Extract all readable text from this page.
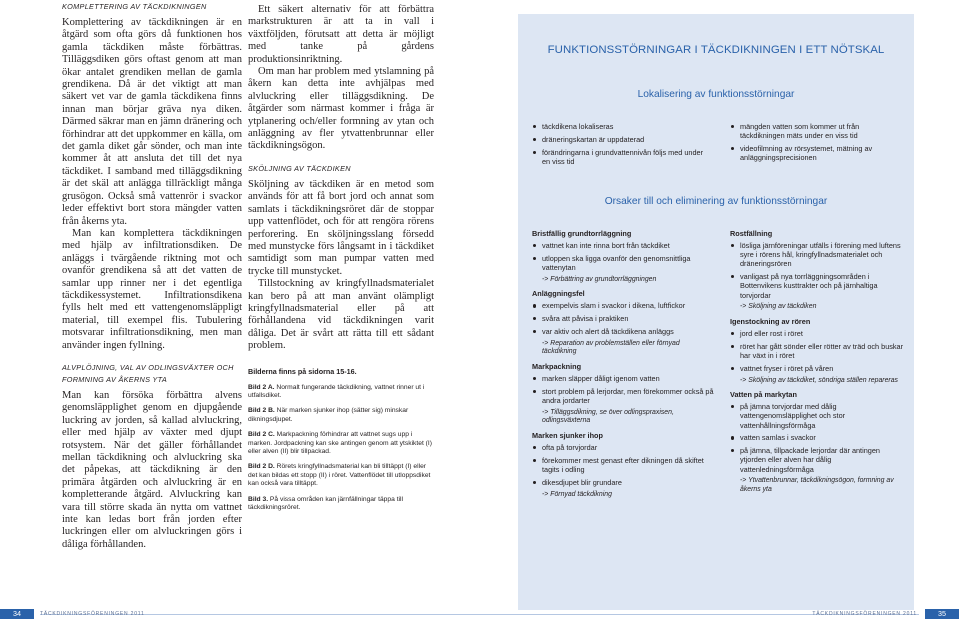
KOMPLETTERING AV TÄCKDIKNINGEN

Komplettering av täckdikningen är en åtgärd som ofta görs då funktionen hos gamla täckdiken måste förbättras. Tilläggsdiken görs oftast genom att man ökar antalet grendiken mellan de gamla grendikena. Då är det viktigt att man säkert vet var de gamla täckdikena finns innan man börjar gräva nya diken. Därmed säkrar man en jämn dränering och förhindrar att det uppkommer en källa, om det gamla diket går sönder, och man inte kommer åt att ansluta det till det nya täckdiket. I samband med tilläggsdikning är det skäl att anlägga tillräckligt många grusögon. Också små vattenrör i svackor leder effektivt bort stora mängder vatten från åkerns yta.

Man kan komplettera täckdikningen med hjälp av infiltrationsdiken. De anläggs i tvärgående riktning mot och ovanför grendikena så att det vatten de samlar upp rinner ner i det egentliga täckdikessystemet. Infiltrationsdikena fylls helt med ett vattengenomsläppligt material, till exempel flis. Tubulering motsvarar infiltrationsdikning, men man använder ingen fyllning.

ALVPLÖJNING, VAL AV ODLINGSVÄXTER OCH FORMNING AV ÅKERNS YTA

Man kan försöka förbättra alvens genomsläpplighet genom en djupgående luckring av jorden, så kallad alvluckring, eller med hjälp av växter med djupt rotsystem. När det gäller förhållandet mellan täckdikning och alvluckring ska det påpekas, att täckdikning är den primära åtgärden och alvluckring är en kompletterande åtgärd. Alvluckring kan vara till större skada än nytta om vattnet inte kan ledas bort från jorden efter luckringen eller om alvluckringen görs i dåliga förhållanden.

Ett säkert alternativ för att förbättra markstrukturen är att ta in vall i växtföljden, förutsatt att detta är möjligt med tanke på gårdens produktionsinriktning.

Om man har problem med ytslamning på åkern kan detta inte avhjälpas med alvluckring eller tilläggsdikning. De åtgärder som närmast kommer i fråga är ytplanering och/eller formning av ytan och anläggning av fler ytvattenbrunnar eller täckdikningsögon.

SKÖLJNING AV TÄCKDIKEN

Sköljning av täckdiken är en metod som används för att få bort jord och annat som samlats i täckdikningsröret där de stoppar upp vattenflödet, och för att rengöra rörens perforering. En sköljningsslang försedd med munstycke förs långsamt in i täckdiket samtidigt som man pumpar vatten med trycke till munstycket.

Tillstockning av kringfyllnadsmaterialet kan bero på att man använt olämpligt kringfyllnadsmaterial eller på att förhållandena vid täckdikningen varit dåliga. Det är svårt att rätta till ett sådant problem.

Bilderna finns på sidorna 15-16.

Bild 2 A. Normalt fungerande täckdikning, vattnet rinner ut i utfallsdiket.

Bild 2 B. När marken sjunker ihop (sätter sig) minskar dikningsdjupet.

Bild 2 C. Markpackning förhindrar att vattnet sugs upp i marken. Jordpackning kan ske antingen genom att ytskiktet (I) eller alven (II) blir tillpackad.

Bild 2 D. Rörets kringfyllnadsmaterial kan bli tilltäppt (I) eller det kan bildas ett stopp (II) i röret. Vattenflödet till utloppsdiket kan också vara tilltäppt.

Bild 3. På vissa områden kan järnfällningar täppa till täckdikningsröret.

FUNKTIONSSTÖRNINGAR I TÄCKDIKNINGEN I ETT NÖTSKAL
Lokalisering av funktionsstörningar
täckdikena lokaliseras
dräneringskartan är uppdaterad
förändringarna i grundvattennivån följs med under en viss tid
mängden vatten som kommer ut från täckdikningen mäts under en viss tid
videofilmning av rörsystemet, mätning av anläggningsprecisionen
Orsaker till och eliminering av funktionsstörningar
Bristfällig grundtorrläggning
vattnet kan inte rinna bort från täckdiket
utloppen ska ligga ovanför den genomsnittliga vattenytan
-> Förbättring av grundtorrläggningen
Anläggningsfel
exempelvis slam i svackor i dikena, luftfickor
svåra att påvisa i praktiken
var aktiv och alert då täckdikena anläggs
-> Reparation av problemställen eller förnyad täckdikning
Markpackning
marken släpper dåligt igenom vatten
stort problem på lerjordar, men förekommer också på andra jordarter
-> Tilläggsdikning, se över odlingspraxisen, odlingsväxterna
Marken sjunker ihop
ofta på torvjordar
förekommer mest genast efter dikningen då skiftet tagits i odling
dikesdjupet blir grundare
-> Förnyad täckdikning
Rostfällning
lösliga järnföreningar utfälls i förening med luftens syre i rörens hål, kringfyllnadsmaterialet och dräneringsrören
vanligast på nya torrläggningsområden i Bottenvikens kusttrakter och på järnhaltiga torvjordar
-> Sköljning av täckdiken
Igenstockning av rören
jord eller rost i röret
röret har gått sönder eller rötter av träd och buskar har växt in i röret
vattnet fryser i röret på våren
-> Sköljning av täckdiket, söndriga ställen repareras
Vatten på markytan
på jämna torvjordar med dålig vattengenomsläpplighet och stor vattenhållningsförmåga
vatten samlas i svackor
på jämna, tillpackade lerjordar där antingen ytjorden eller alven har dålig vattenledningsförmåga
-> Ytvattenbrunnar, täckdikningsögon, formning av åkerns yta
34	TÄCKDIKNINGSFÖRENINGEN 2011	TÄCKDIKNINGSFÖRENINGEN 2011	35
